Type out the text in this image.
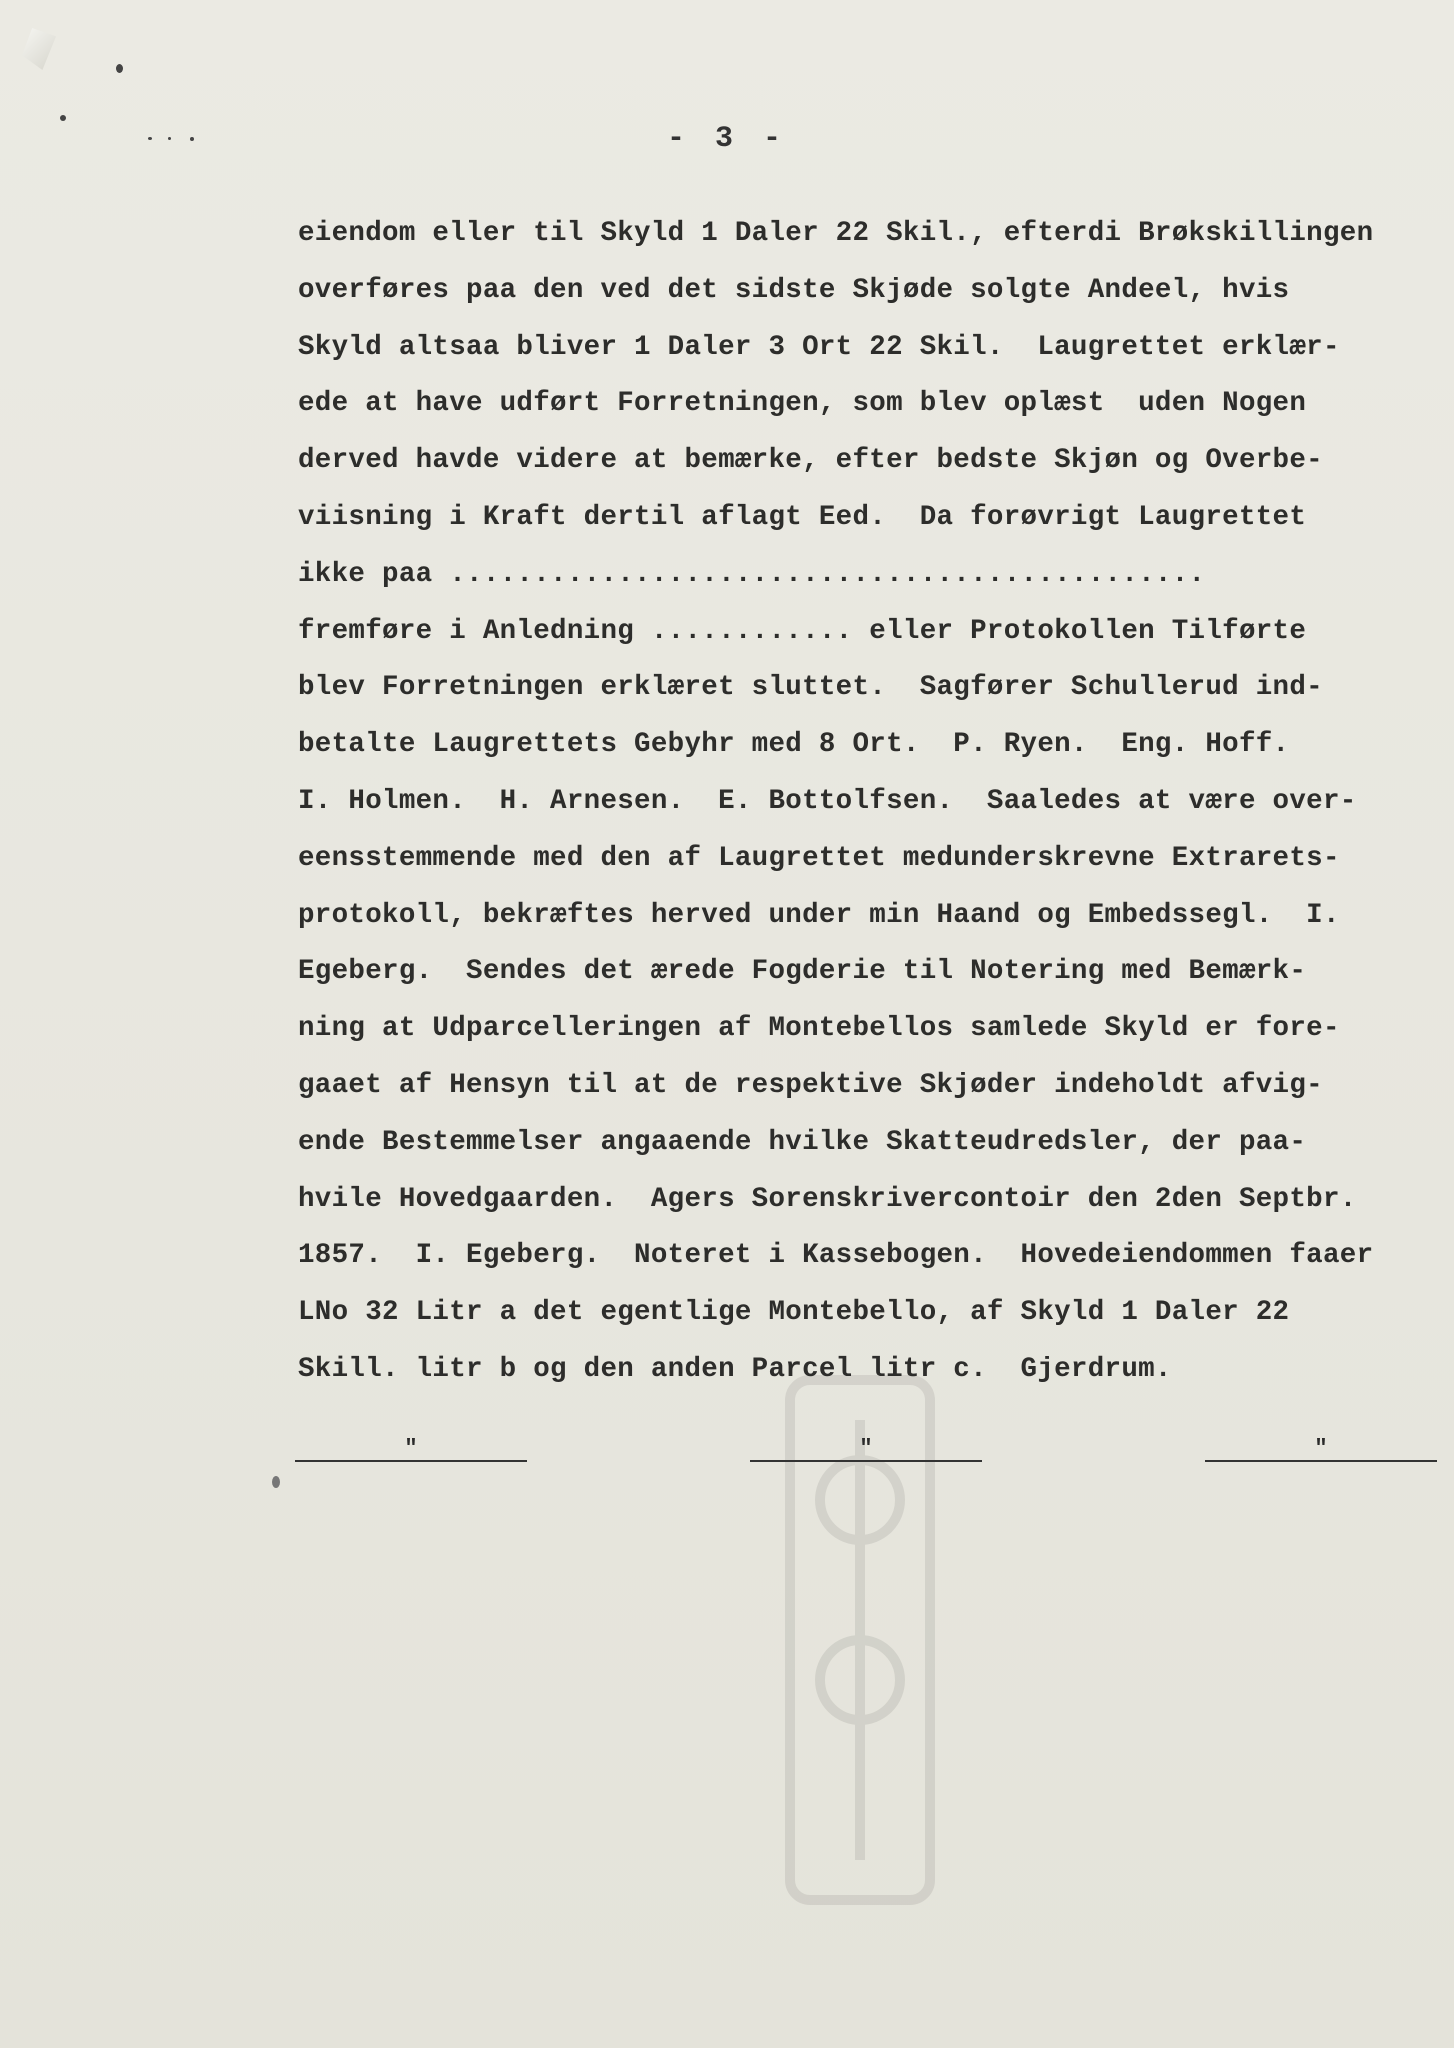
- 3 -
eiendom eller til Skyld 1 Daler 22 Skil., efterdi Brøkskillingen
overføres paa den ved det sidste Skjøde solgte Andeel, hvis
Skyld altsaa bliver 1 Daler 3 Ort 22 Skil.  Laugrettet erklær-
ede at have udført Forretningen, som blev oplæst  uden Nogen
derved havde videre at bemærke, efter bedste Skjøn og Overbe-
viisning i Kraft dertil aflagt Eed.  Da forøvrigt Laugrettet
ikke paa .............................................
fremføre i Anledning ............ eller Protokollen Tilførte
blev Forretningen erklæret sluttet.  Sagfører Schullerud ind-
betalte Laugrettets Gebyhr med 8 Ort.  P. Ryen.  Eng. Hoff.
I. Holmen.  H. Arnesen.  E. Bottolfsen.  Saaledes at være over-
eensstemmende med den af Laugrettet medunderskrevne Extrarets-
protokoll, bekræftes herved under min Haand og Embedssegl.  I.
Egeberg.  Sendes det ærede Fogderie til Notering med Bemærk-
ning at Udparcelleringen af Montebellos samlede Skyld er fore-
gaaet af Hensyn til at de respektive Skjøder indeholdt afvig-
ende Bestemmelser angaaende hvilke Skatteudredsler, der paa-
hvile Hovedgaarden.  Agers Sorenskrivercontoir den 2den Septbr.
1857.  I. Egeberg.  Noteret i Kassebogen.  Hovedeiendommen faaer
LNo 32 Litr a det egentlige Montebello, af Skyld 1 Daler 22
Skill. litr b og den anden Parcel litr c.  Gjerdrum.
"	"	"
